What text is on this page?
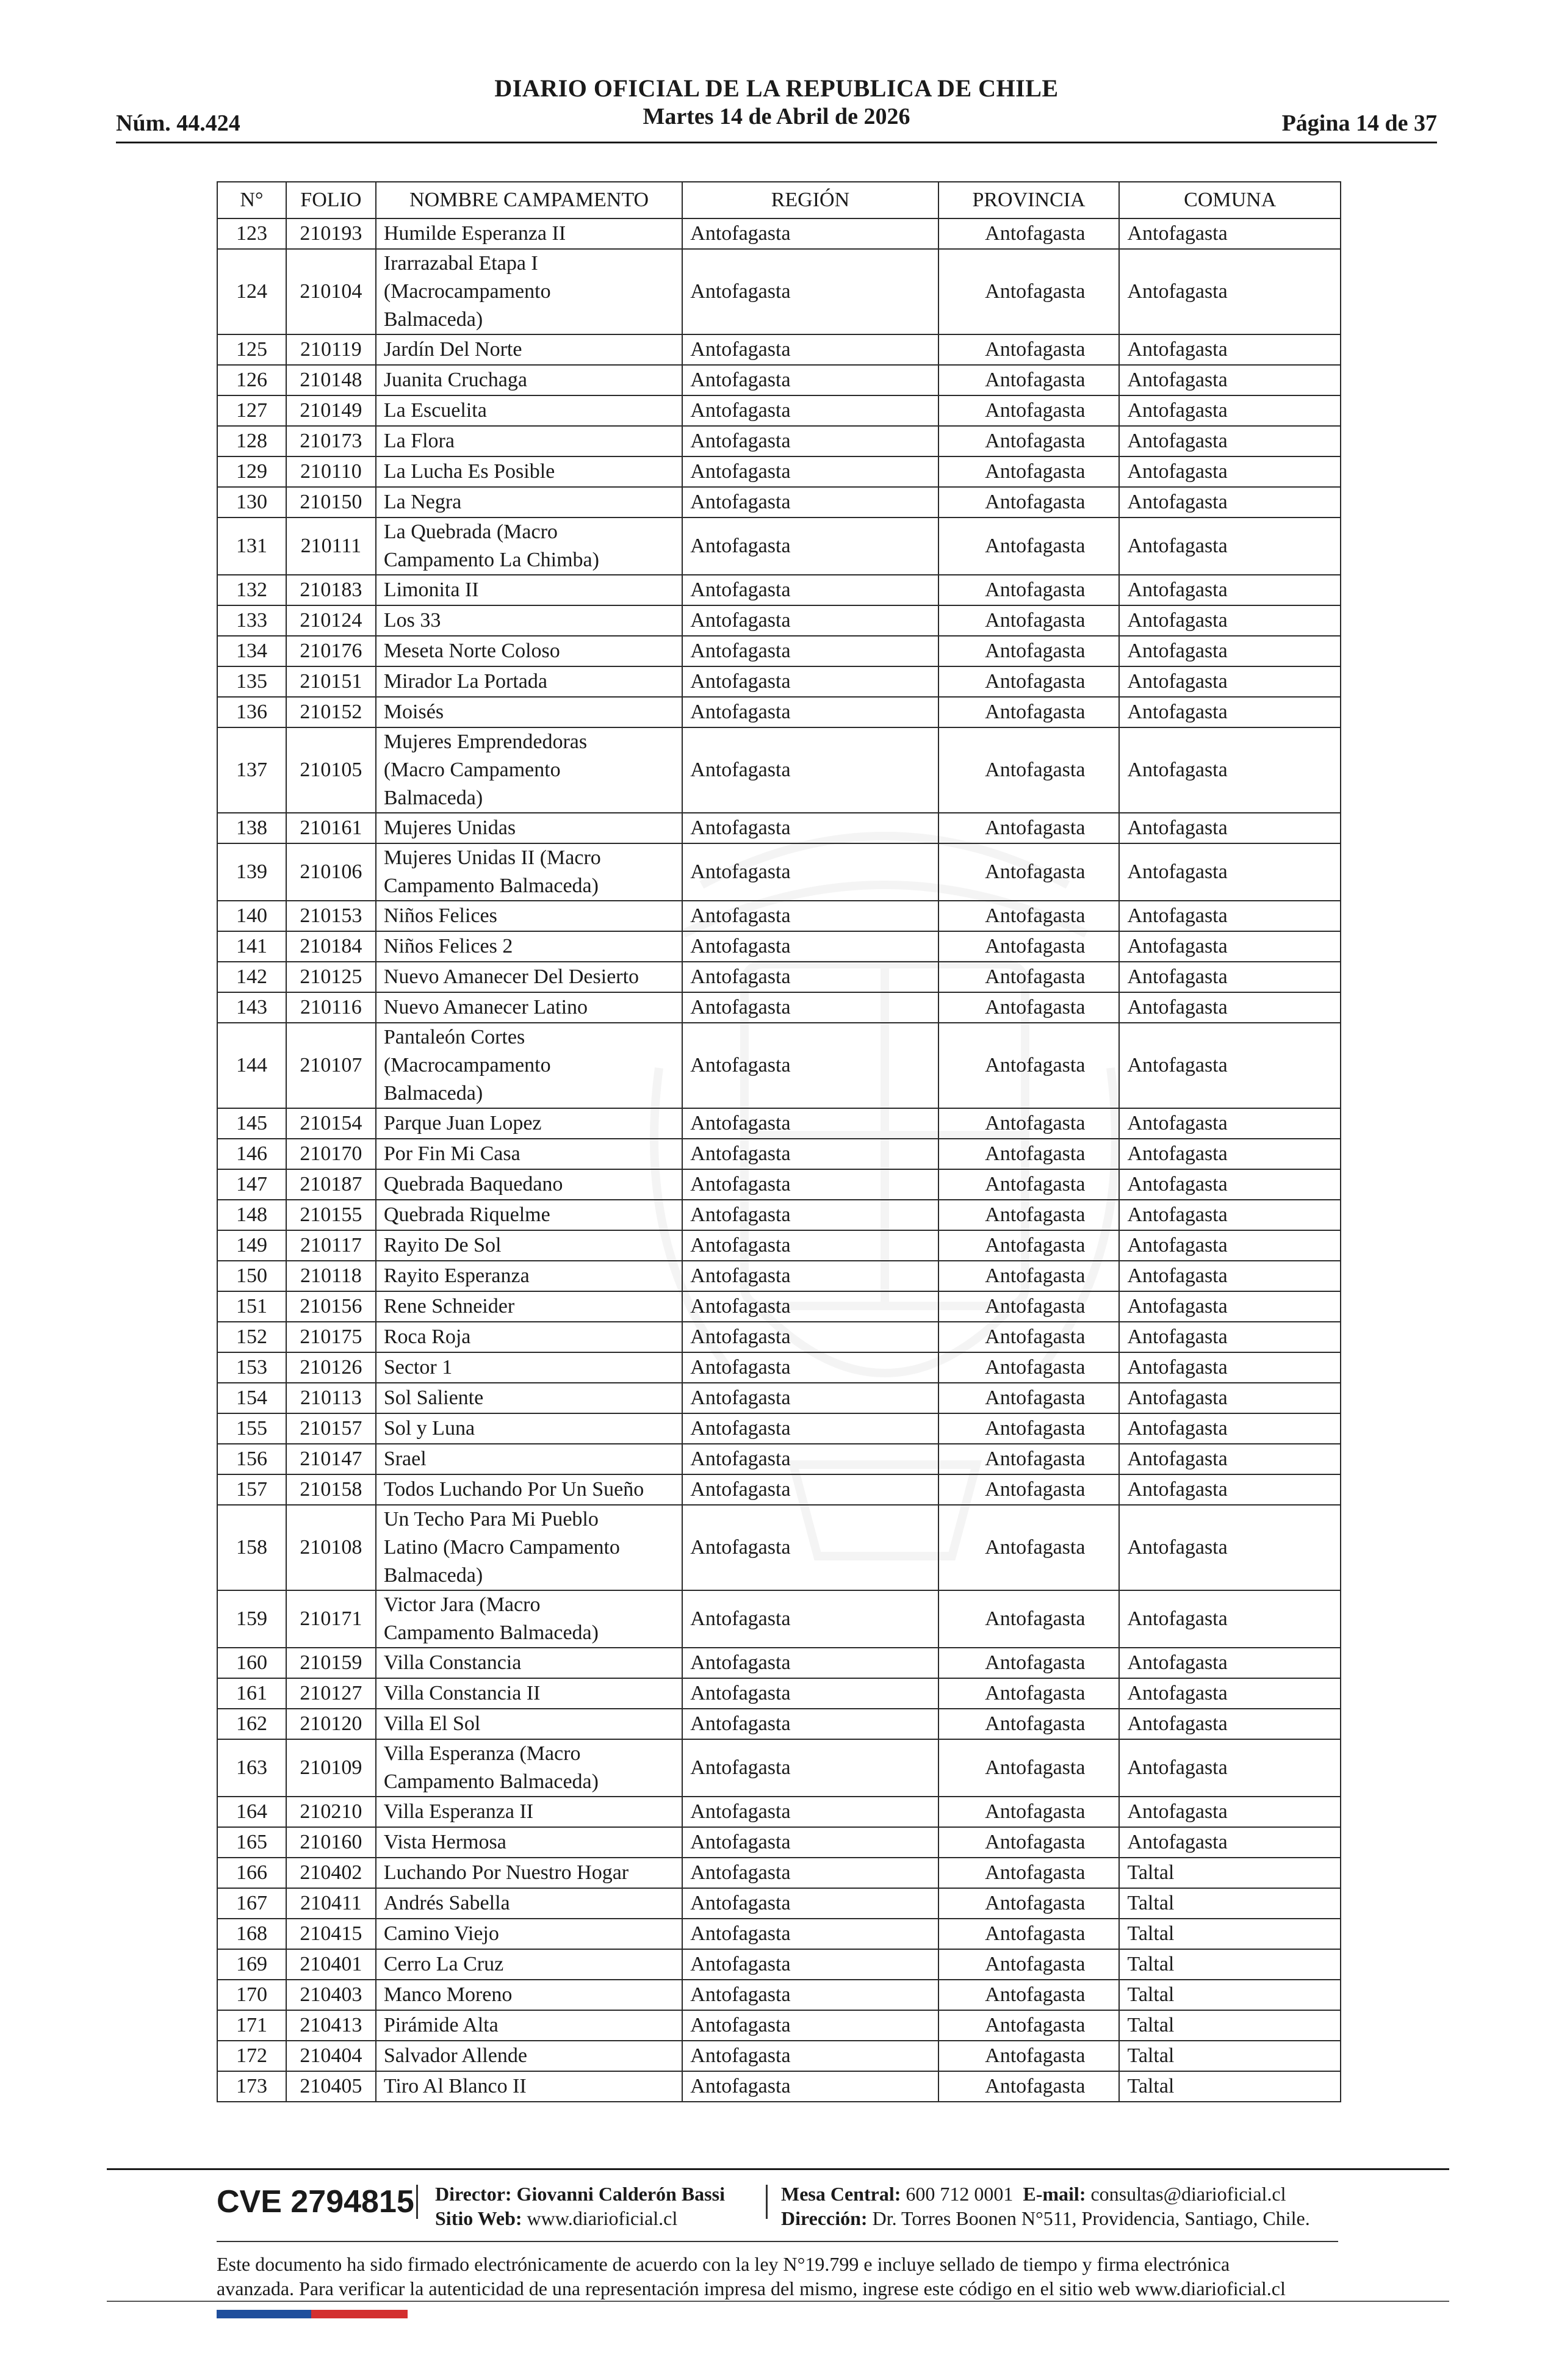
Núm. 44.424
DIARIO OFICIAL DE LA REPUBLICA DE CHILE
Martes 14 de Abril de 2026	Página 14 de 37
N°	FOLIO	NOMBRE CAMPAMENTO	REGIÓN	PROVINCIA	COMUNA
123	210193	Humilde Esperanza II	Antofagasta	Antofagasta	Antofagasta
124	210104	Irarrazabal Etapa I
(Macrocampamento
Balmaceda)	Antofagasta	Antofagasta	Antofagasta
125	210119	Jardín Del Norte	Antofagasta	Antofagasta	Antofagasta
126	210148	Juanita Cruchaga	Antofagasta	Antofagasta	Antofagasta
127	210149	La Escuelita	Antofagasta	Antofagasta	Antofagasta
128	210173	La Flora	Antofagasta	Antofagasta	Antofagasta
129	210110	La Lucha Es Posible	Antofagasta	Antofagasta	Antofagasta
130	210150	La Negra	Antofagasta	Antofagasta	Antofagasta
131	210111	La Quebrada (Macro
Campamento La Chimba)	Antofagasta	Antofagasta	Antofagasta
132	210183	Limonita II	Antofagasta	Antofagasta	Antofagasta
133	210124	Los 33	Antofagasta	Antofagasta	Antofagasta
134	210176	Meseta Norte Coloso	Antofagasta	Antofagasta	Antofagasta
135	210151	Mirador La Portada	Antofagasta	Antofagasta	Antofagasta
136	210152	Moisés	Antofagasta	Antofagasta	Antofagasta
137	210105	Mujeres Emprendedoras
(Macro Campamento
Balmaceda)	Antofagasta	Antofagasta	Antofagasta
138	210161	Mujeres Unidas	Antofagasta	Antofagasta	Antofagasta
139	210106	Mujeres Unidas II (Macro
Campamento Balmaceda)	Antofagasta	Antofagasta	Antofagasta
140	210153	Niños Felices	Antofagasta	Antofagasta	Antofagasta
141	210184	Niños Felices 2	Antofagasta	Antofagasta	Antofagasta
142	210125	Nuevo Amanecer Del Desierto	Antofagasta	Antofagasta	Antofagasta
143	210116	Nuevo Amanecer Latino	Antofagasta	Antofagasta	Antofagasta
144	210107	Pantaleón Cortes
(Macrocampamento
Balmaceda)	Antofagasta	Antofagasta	Antofagasta
145	210154	Parque Juan Lopez	Antofagasta	Antofagasta	Antofagasta
146	210170	Por Fin Mi Casa	Antofagasta	Antofagasta	Antofagasta
147	210187	Quebrada Baquedano	Antofagasta	Antofagasta	Antofagasta
148	210155	Quebrada Riquelme	Antofagasta	Antofagasta	Antofagasta
149	210117	Rayito De Sol	Antofagasta	Antofagasta	Antofagasta
150	210118	Rayito Esperanza	Antofagasta	Antofagasta	Antofagasta
151	210156	Rene Schneider	Antofagasta	Antofagasta	Antofagasta
152	210175	Roca Roja	Antofagasta	Antofagasta	Antofagasta
153	210126	Sector 1	Antofagasta	Antofagasta	Antofagasta
154	210113	Sol Saliente	Antofagasta	Antofagasta	Antofagasta
155	210157	Sol y Luna	Antofagasta	Antofagasta	Antofagasta
156	210147	Srael	Antofagasta	Antofagasta	Antofagasta
157	210158	Todos Luchando Por Un Sueño	Antofagasta	Antofagasta	Antofagasta
158	210108	Un Techo Para Mi Pueblo
Latino (Macro Campamento
Balmaceda)	Antofagasta	Antofagasta	Antofagasta
159	210171	Victor Jara (Macro
Campamento Balmaceda)	Antofagasta	Antofagasta	Antofagasta
160	210159	Villa Constancia	Antofagasta	Antofagasta	Antofagasta
161	210127	Villa Constancia II	Antofagasta	Antofagasta	Antofagasta
162	210120	Villa El Sol	Antofagasta	Antofagasta	Antofagasta
163	210109	Villa Esperanza (Macro
Campamento Balmaceda)	Antofagasta	Antofagasta	Antofagasta
164	210210	Villa Esperanza II	Antofagasta	Antofagasta	Antofagasta
165	210160	Vista Hermosa	Antofagasta	Antofagasta	Antofagasta
166	210402	Luchando Por Nuestro Hogar	Antofagasta	Antofagasta	Taltal
167	210411	Andrés Sabella	Antofagasta	Antofagasta	Taltal
168	210415	Camino Viejo	Antofagasta	Antofagasta	Taltal
169	210401	Cerro La Cruz	Antofagasta	Antofagasta	Taltal
170	210403	Manco Moreno	Antofagasta	Antofagasta	Taltal
171	210413	Pirámide Alta	Antofagasta	Antofagasta	Taltal
172	210404	Salvador Allende	Antofagasta	Antofagasta	Taltal
173	210405	Tiro Al Blanco II	Antofagasta	Antofagasta	Taltal
CVE 2794815 Director: Giovanni Calderón Bassi
Sitio Web: www.diarioficial.cl
Mesa Central: 600 712 0001 E-mail: consultas@diarioficial.cl
Dirección: Dr. Torres Boonen N°511, Providencia, Santiago, Chile.
Este documento ha sido firmado electrónicamente de acuerdo con la ley N°19.799 e incluye sellado de tiempo y firma electrónica
avanzada. Para verificar la autenticidad de una representación impresa del mismo, ingrese este código en el sitio web www.diarioficial.cl
